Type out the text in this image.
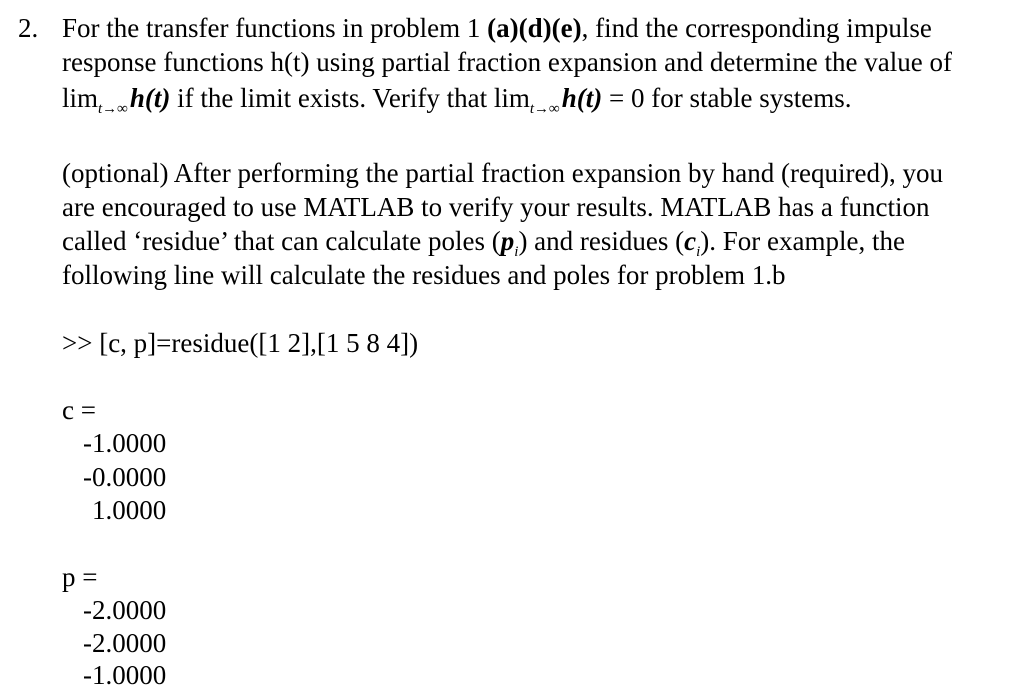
2. For the transfer functions in problem 1 (a)(d)(e), find the corresponding impulse
response functions h(t) using partial fraction expansion and determine the value of
$\lim_{t\to\infty}h(t)$ if the limit exists. Verify that $\lim_{t\to\infty}h(t) = 0$ for stable systems.
(optional) After performing the partial fraction expansion by hand (required), you
are encouraged to use MATLAB to verify your results. MATLAB has a function
called ‘residue’ that can calculate poles $(p_i)$ and residues $(c_i)$. For example, the
following line will calculate the residues and poles for problem 1.b
>> [c, p]=residue([1 2],[1 5 8 4])
c =
-1.0000
-0.0000
1.0000
p =
-2.0000
-2.0000
-1.0000
